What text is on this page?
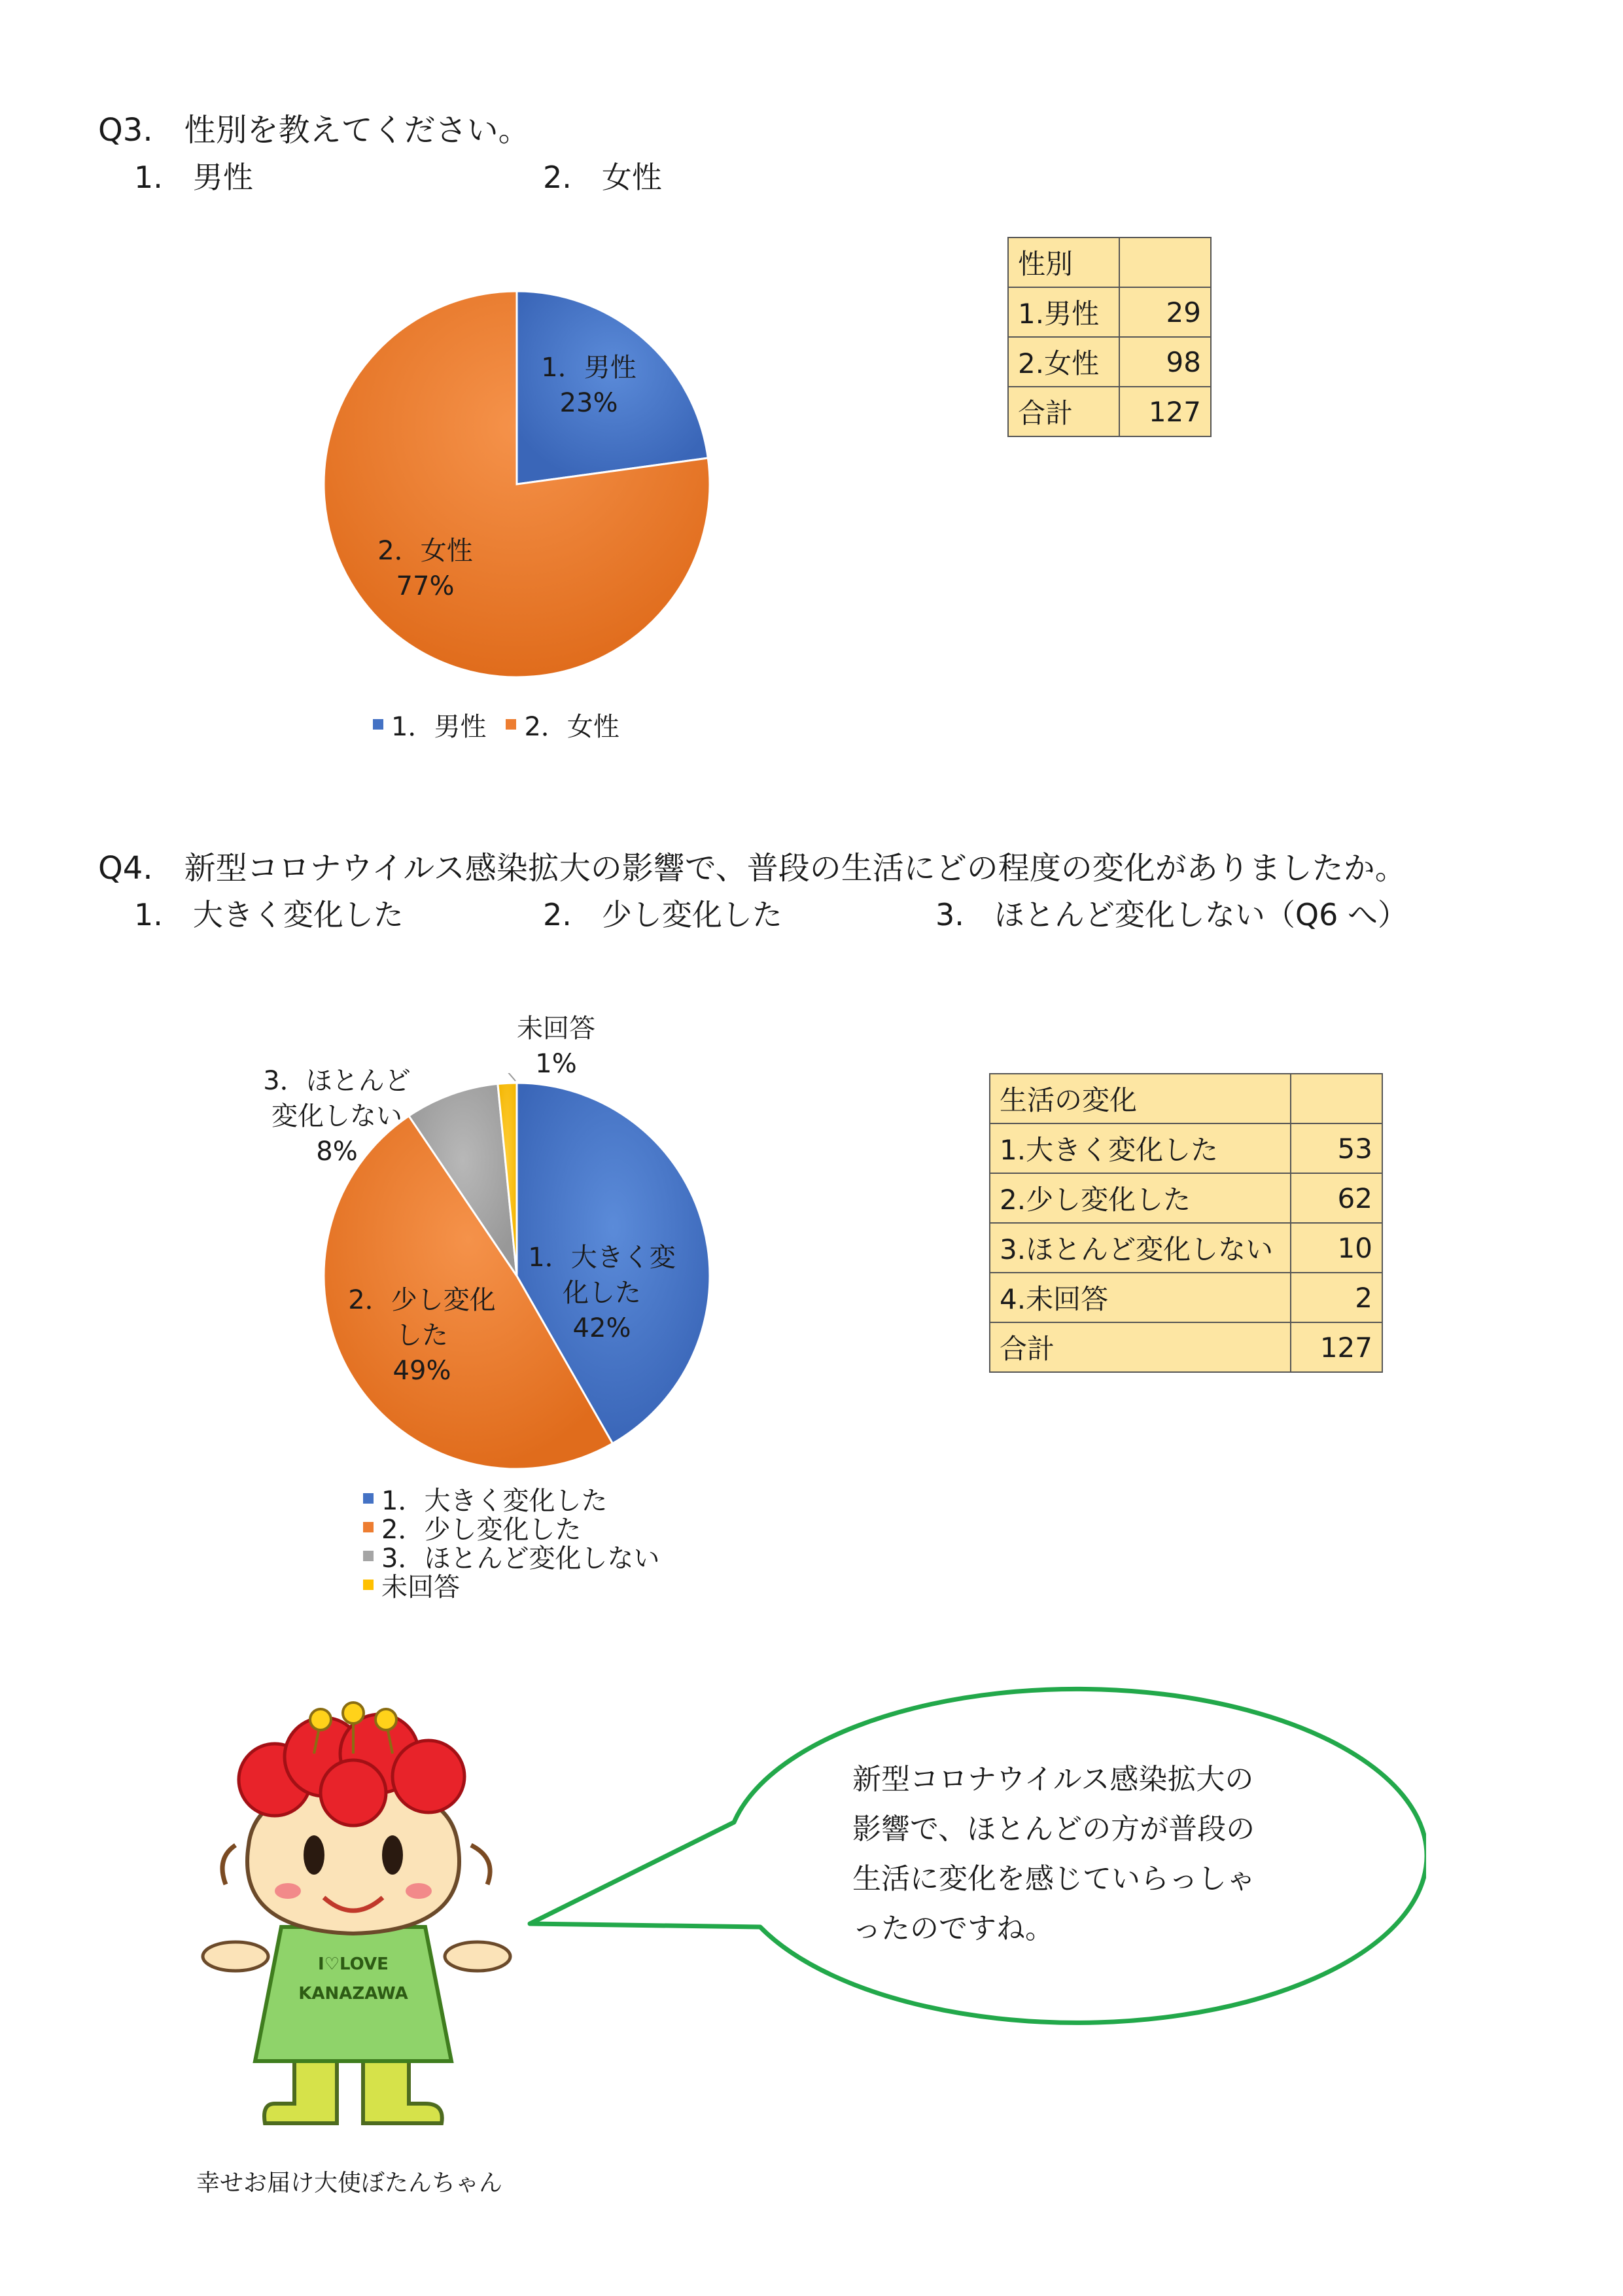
Q3.　性別を教えてください。
1.　男性	2.　女性
1．男性
23%
2．女性
77%
1．男性 2．女性
性別	
1.男性	29
2.女性	98
合計	127
Q4.　新型コロナウイルス感染拡大の影響で、普段の生活にどの程度の変化がありましたか。
1.　大きく変化した	2.　少し変化した	3.　ほとんど変化しない（Q6 へ）
1．大きく変
化した
42%
2．少し変化
した
49%
3．ほとんど
変化しない
8%
未回答
1%
1．大きく変化した
2．少し変化した
3．ほとんど変化しない
未回答
生活の変化	
1.大きく変化した	53
2.少し変化した	62
3.ほとんど変化しない	10
4.未回答	2
合計	127
I♡LOVE
KANAZAWA
幸せお届け大使ぼたんちゃん
新型コロナウイルス感染拡大の
影響で、ほとんどの方が普段の
生活に変化を感じていらっしゃ
ったのですね。
